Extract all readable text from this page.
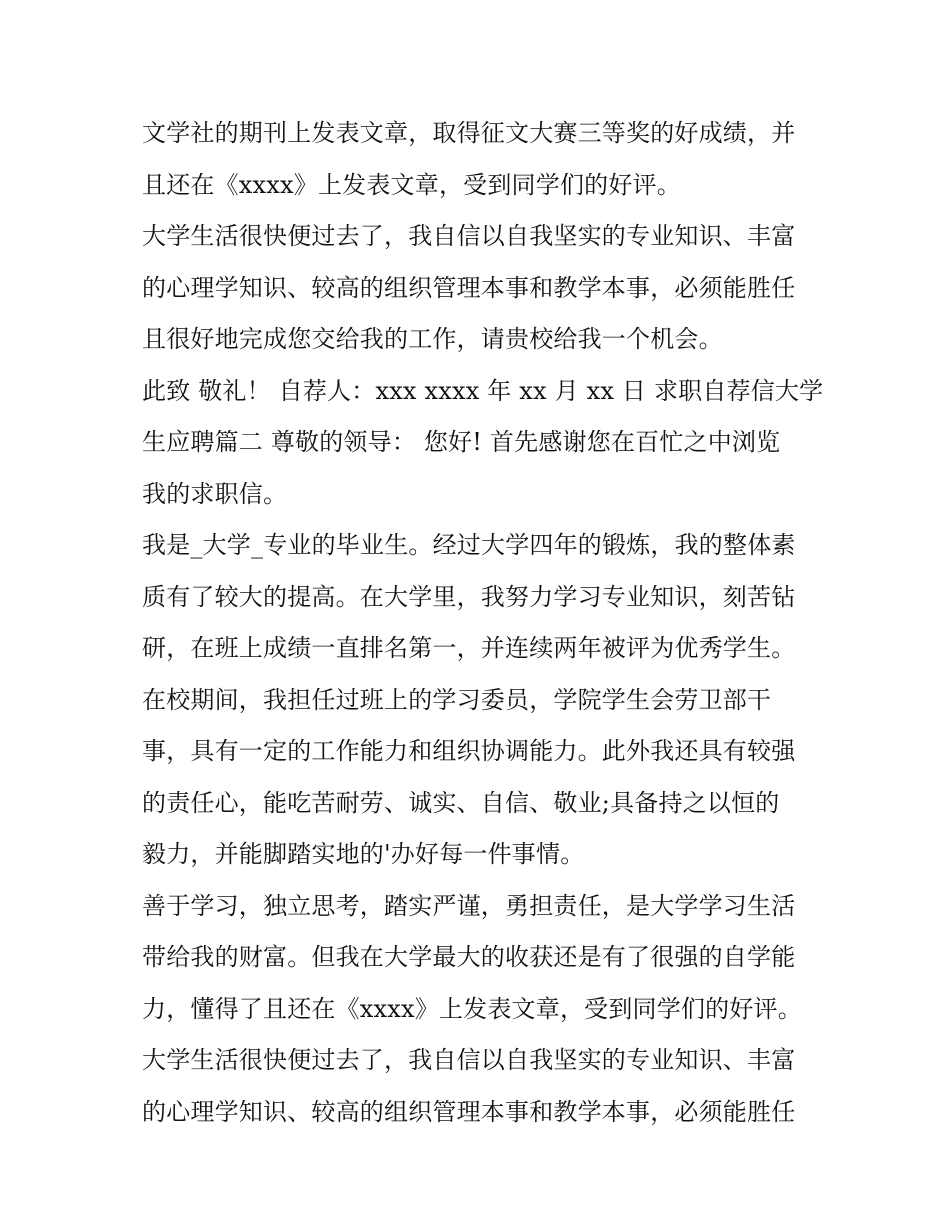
文学社的期刊上发表文章，取得征文大赛三等奖的好成绩，并
且还在《xxxx》上发表文章，受到同学们的好评。
大学生活很快便过去了，我自信以自我坚实的专业知识、丰富
的心理学知识、较高的组织管理本事和教学本事，必须能胜任
且很好地完成您交给我的工作，请贵校给我一个机会。
此致 敬礼！ 自荐人：xxx xxxx 年 xx 月 xx 日 求职自荐信大学
生应聘篇二 尊敬的领导： 您好! 首先感谢您在百忙之中浏览
我的求职信。
我是_大学_专业的毕业生。经过大学四年的锻炼，我的整体素
质有了较大的提高。在大学里，我努力学习专业知识，刻苦钻
研，在班上成绩一直排名第一，并连续两年被评为优秀学生。
在校期间，我担任过班上的学习委员，学院学生会劳卫部干
事，具有一定的工作能力和组织协调能力。此外我还具有较强
的责任心，能吃苦耐劳、诚实、自信、敬业;具备持之以恒的
毅力，并能脚踏实地的'办好每一件事情。
善于学习，独立思考，踏实严谨，勇担责任，是大学学习生活
带给我的财富。但我在大学最大的收获还是有了很强的自学能
力，懂得了且还在《xxxx》上发表文章，受到同学们的好评。
大学生活很快便过去了，我自信以自我坚实的专业知识、丰富
的心理学知识、较高的组织管理本事和教学本事，必须能胜任
